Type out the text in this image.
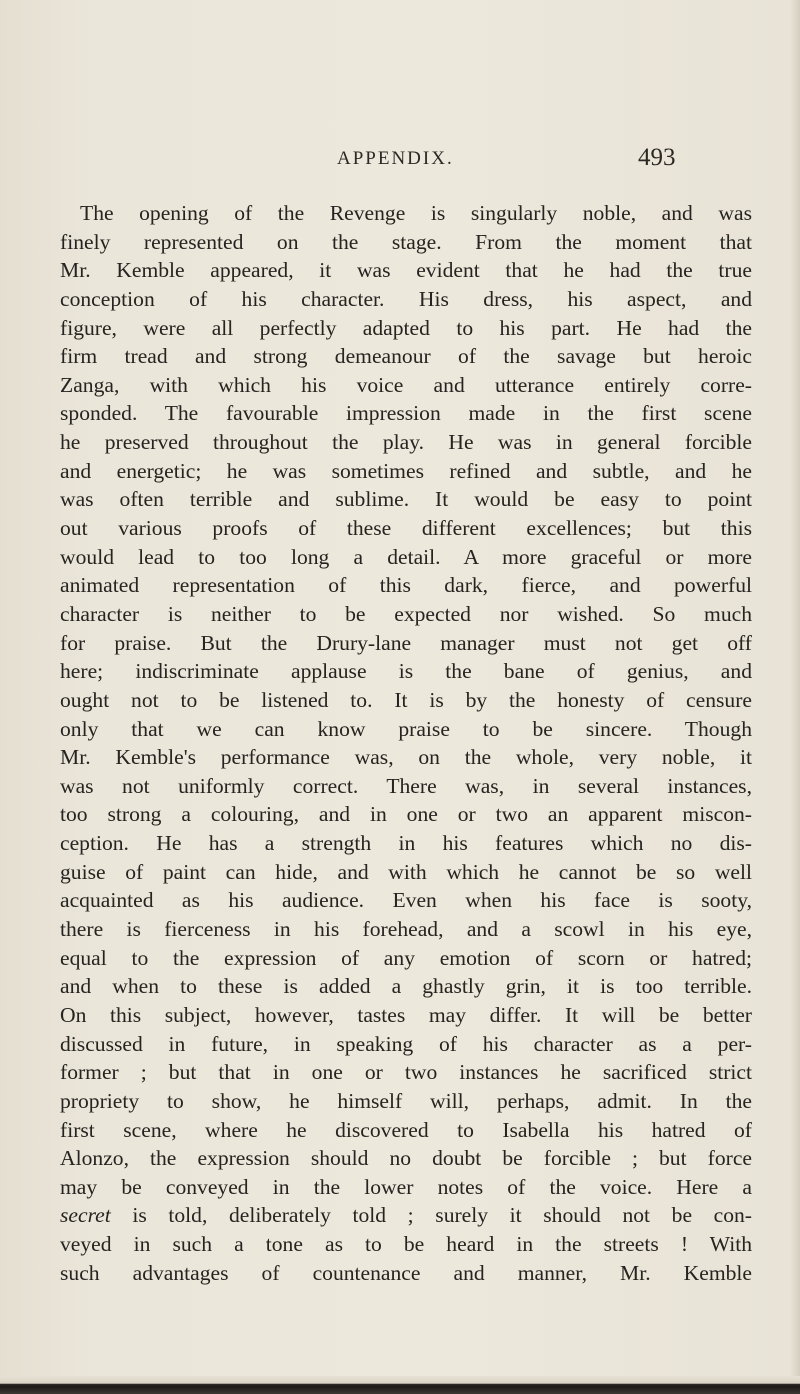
APPENDIX.	493
The opening of the Revenge is singularly noble, and was
finely represented on the stage. From the moment that
Mr. Kemble appeared, it was evident that he had the true
conception of his character. His dress, his aspect, and
figure, were all perfectly adapted to his part. He had the
firm tread and strong demeanour of the savage but heroic
Zanga, with which his voice and utterance entirely corre-
sponded. The favourable impression made in the first scene
he preserved throughout the play. He was in general forcible
and energetic; he was sometimes refined and subtle, and he
was often terrible and sublime. It would be easy to point
out various proofs of these different excellences; but this
would lead to too long a detail. A more graceful or more
animated representation of this dark, fierce, and powerful
character is neither to be expected nor wished. So much
for praise. But the Drury-lane manager must not get off
here; indiscriminate applause is the bane of genius, and
ought not to be listened to. It is by the honesty of censure
only that we can know praise to be sincere. Though
Mr. Kemble's performance was, on the whole, very noble, it
was not uniformly correct. There was, in several instances,
too strong a colouring, and in one or two an apparent miscon-
ception. He has a strength in his features which no dis-
guise of paint can hide, and with which he cannot be so well
acquainted as his audience. Even when his face is sooty,
there is fierceness in his forehead, and a scowl in his eye,
equal to the expression of any emotion of scorn or hatred;
and when to these is added a ghastly grin, it is too terrible.
On this subject, however, tastes may differ. It will be better
discussed in future, in speaking of his character as a per-
former ; but that in one or two instances he sacrificed strict
propriety to show, he himself will, perhaps, admit. In the
first scene, where he discovered to Isabella his hatred of
Alonzo, the expression should no doubt be forcible ; but force
may be conveyed in the lower notes of the voice. Here a
secret is told, deliberately told ; surely it should not be con-
veyed in such a tone as to be heard in the streets ! With
such advantages of countenance and manner, Mr. Kemble
